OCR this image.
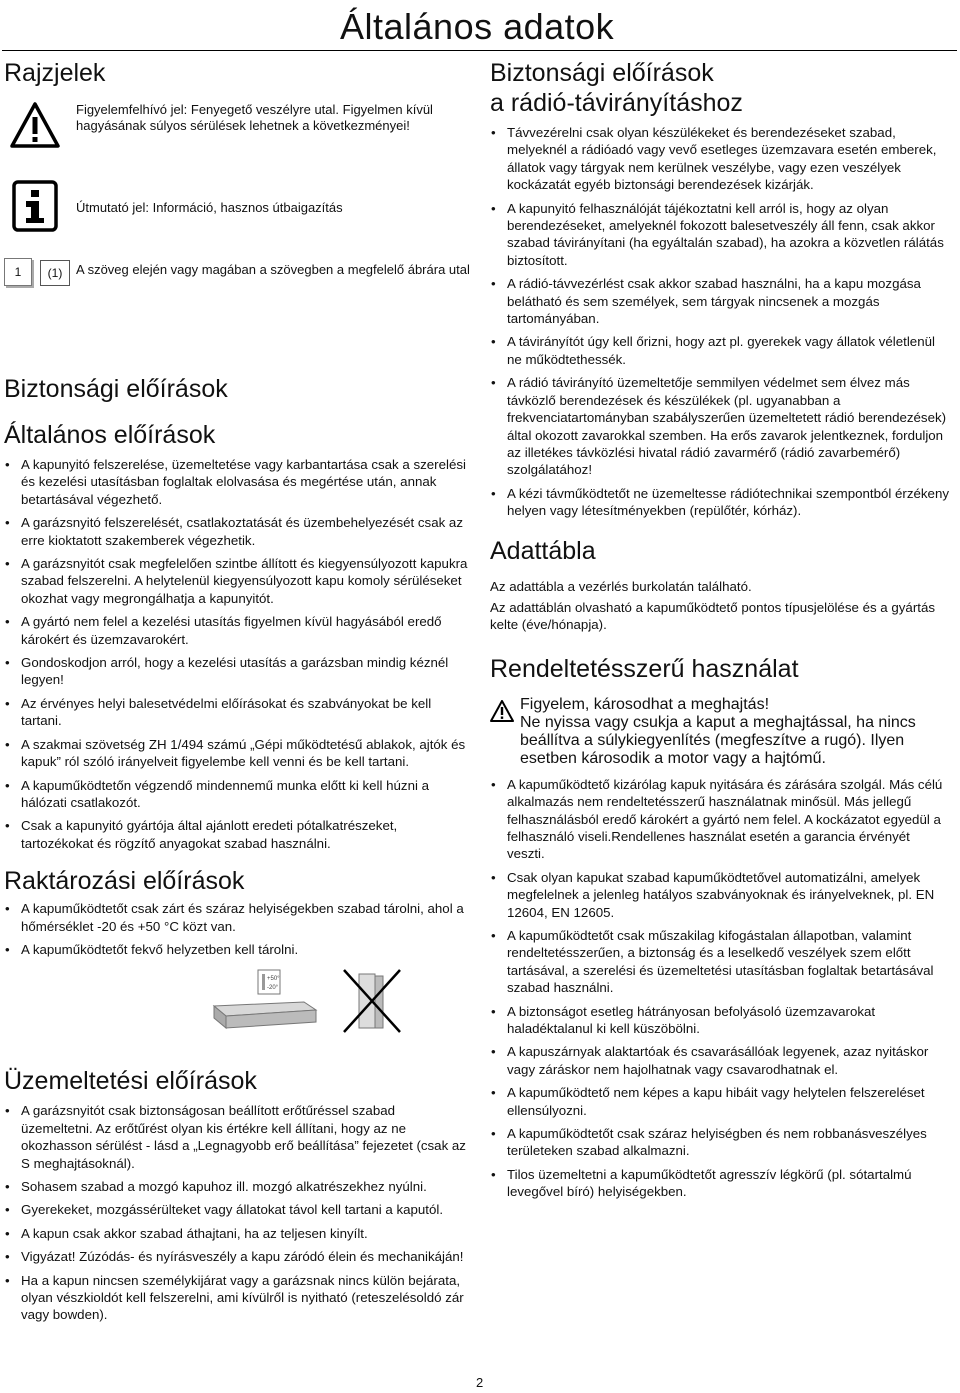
Általános adatok
Rajzjelek
Figyelemfelhívó jel: Fenyegető veszélyre utal. Figyelmen kívül hagyásának súlyos sérülések lehetnek a következményei!
Útmutató jel: Információ, hasznos útbaigazítás
1	(1)	A szöveg elején vagy magában a szövegben a megfelelő ábrára utal
Biztonsági előírások
Általános előírások
• A kapunyitó felszerelése, üzemeltetése vagy karbantartása csak a szerelési és kezelési utasításban foglaltak elolvasása és megértése után, annak betartásával végezhető.
• A garázsnyitó felszerelését, csatlakoztatását és üzembehelyezését csak az erre kioktatott szakemberek végezhetik.
• A garázsnyitót csak megfelelően szintbe állított és kiegyensúlyozott kapukra szabad felszerelni. A helytelenül kiegyensúlyozott kapu komoly sérüléseket okozhat vagy megrongálhatja a kapunyitót.
• A gyártó nem felel a kezelési utasítás figyelmen kívül hagyásából eredő károkért és üzemzavarokért.
• Gondoskodjon arról, hogy a kezelési utasítás a garázsban mindig kéznél legyen!
• Az érvényes helyi balesetvédelmi előírásokat és szabványokat be kell tartani.
• A szakmai szövetség ZH 1/494 számú „Gépi működtetésű ablakok, ajtók és kapuk” ról szóló irányelveit figyelembe kell venni és be kell tartani.
• A kapuműködtetőn végzendő mindennemű munka előtt ki kell húzni a hálózati csatlakozót.
• Csak a kapunyitó gyártója által ajánlott eredeti pótalkatrészeket, tartozékokat és rögzítő anyagokat szabad használni.
Raktározási előírások
• A kapuműködtetőt csak zárt és száraz helyiségekben szabad tárolni, ahol a hőmérséklet -20 és +50 °C közt van.
• A kapuműködtetőt fekvő helyzetben kell tárolni.
+50°
-20°
Üzemeltetési előírások
• A garázsnyitót csak biztonságosan beállított erőtűréssel szabad üzemeltetni. Az erőtűrést olyan kis értékre kell állítani, hogy az ne okozhasson sérülést - lásd a „Legnagyobb erő beállítása” fejezetet (csak az S meghajtásoknál).
• Sohasem szabad a mozgó kapuhoz ill. mozgó alkatrészekhez nyúlni.
• Gyerekeket, mozgássérülteket vagy állatokat távol kell tartani a kaputól.
• A kapun csak akkor szabad áthajtani, ha az teljesen kinyílt.
• Vigyázat! Zúzódás- és nyírásveszély a kapu záródó élein és mechanikáján!
• Ha a kapun nincsen személykijárat vagy a garázsnak nincs külön bejárata, olyan vészkioldót kell felszerelni, ami kívülről is nyitható (reteszelésoldó zár vagy bowden).
Biztonsági előírások
a rádió-távirányításhoz
• Távvezérelni csak olyan készülékeket és berendezéseket szabad, melyeknél a rádióadó vagy vevő esetleges üzemzavara esetén emberek, állatok vagy tárgyak nem kerülnek veszélybe, vagy ezen veszélyek kockázatát egyéb biztonsági berendezések kizárják.
• A kapunyitó felhasználóját tájékoztatni kell arról is, hogy az olyan berendezéseket, amelyeknél fokozott balesetveszély áll fenn, csak akkor szabad távirányítani (ha egyáltalán szabad), ha azokra a közvetlen rálátás biztosított.
• A rádió-távvezérlést csak akkor szabad használni, ha a kapu mozgása belátható és sem személyek, sem tárgyak nincsenek a mozgás tartományában.
• A távirányítót úgy kell őrizni, hogy azt pl. gyerekek vagy állatok véletlenül ne működtethessék.
• A rádió távirányító üzemeltetője semmilyen védelmet sem élvez más távközlő berendezések és készülékek (pl. ugyanabban a frekvenciatartományban szabályszerűen üzemeltetett rádió berendezések) által okozott zavarokkal szemben. Ha erős zavarok jelentkeznek, forduljon az illetékes távközlési hivatal rádió zavarmérő (rádió zavarbemérő) szolgálatához!
• A kézi távműködtetőt ne üzemeltesse rádiótechnikai szempontból érzékeny helyen vagy létesítményekben (repülőtér, kórház).
Adattábla

Az adattábla a vezérlés burkolatán található.

Az adattáblán olvasható a kapuműködtető pontos típusjelölése és a gyártás kelte (éve/hónapja).

Rendeltetésszerű használat
Figyelem, károsodhat a meghajtás!
Ne nyissa vagy csukja a kaput a meghajtással, ha nincs beállítva a súlykiegyenlítés (megfeszítve a rugó). Ilyen esetben károsodik a motor vagy a hajtómű.
• A kapuműködtető kizárólag kapuk nyitására és zárására szolgál. Más célú alkalmazás nem rendeltetésszerű használatnak minősül. Más jellegű felhasználásból eredő károkért a gyártó nem felel. A kockázatot egyedül a felhasználó viseli.Rendellenes használat esetén a garancia érvényét veszti.
• Csak olyan kapukat szabad kapuműködtetővel automatizálni, amelyek megfelelnek a jelenleg hatályos szabványoknak és irányelveknek, pl. EN 12604, EN 12605.
• A kapuműködtetőt csak műszakilag kifogástalan állapotban, valamint rendeltetésszerűen, a biztonság és a leselkedő veszélyek szem előtt tartásával, a szerelési és üzemeltetési utasításban foglaltak betartásával szabad használni.
• A biztonságot esetleg hátrányosan befolyásoló üzemzavarokat haladéktalanul ki kell küszöbölni.
• A kapuszárnyak alaktartóak és csavarásállóak legyenek, azaz nyitáskor vagy záráskor nem hajolhatnak vagy csavarodhatnak el.
• A kapuműködtető nem képes a kapu hibáit vagy helytelen felszereléset ellensúlyozni.
• A kapuműködtetőt csak száraz helyiségben és nem robbanásveszélyes területeken szabad alkalmazni.
• Tilos üzemeltetni a kapuműködtetőt agresszív légkörű (pl. sótartalmú levegővel bíró) helyiségekben.
2
